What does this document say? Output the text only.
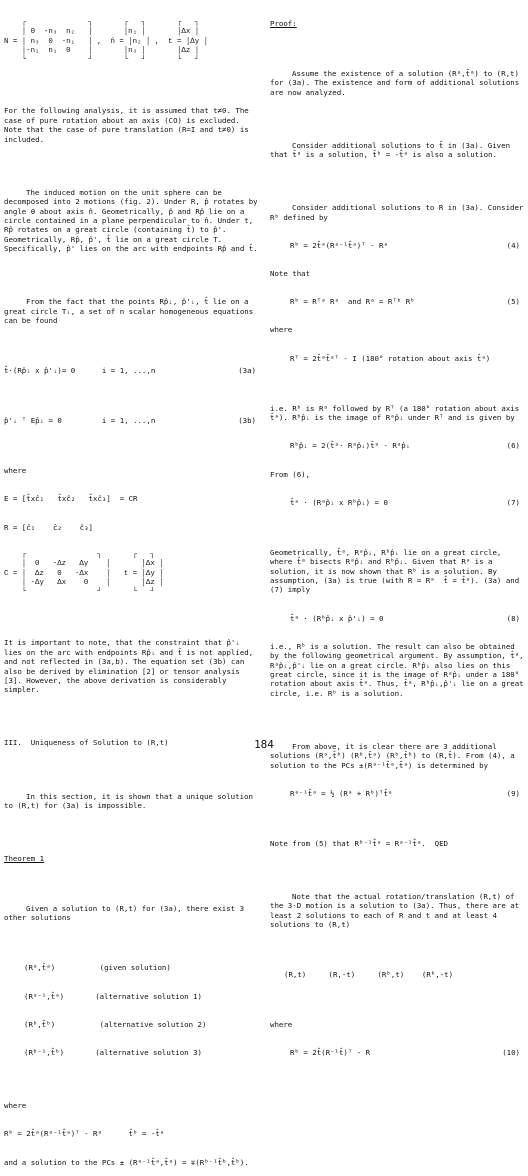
┌              ┐       ┌   ┐       ┌   ┐
│ 0  -n₃  n₂   │       │n₁ │       │Δx │
N = │ n₃  0  -n₁   │ ,  n̂ = │n₂ │ ,  t = │Δy │
│-n₂  n₁  0    │       │n₃ │       │Δz │
└              ┘       └   ┘       └   ┘

For the following analysis, it is assumed that t≠0. The case of pure rotation about an axis (CO) is excluded. Note that the case of pure translation (R=I and t≠0) is included.

The induced motion on the unit sphere can be decomposed into 2 motions (fig. 2). Under R, p̂ rotates by angle θ about axis n̂. Geometrically, p̂ and Rp̂ lie on a circle contained in a plane perpendicular to n̂. Under t, Rp̂ rotates on a great circle (containing t̂) to p̂'. Geometrically, Rp̂, p̂', t̂ lie on a great circle T. Specifically, p̂' lies on the arc with endpoints Rp̂ and t̂.

From the fact that the points Rp̂ᵢ, p̂'ᵢ, t̂ lie on a great circle Tᵢ, a set of n scalar homogeneous equations can be found

t̂·(Rp̂ᵢ x p̂'ᵢ)= 0      i = 1, ...,n	(3a)

p̂'ᵢ ᵀ Ep̂ᵢ = 0         i = 1, ...,n	(3b)

where

E = [t̂xĉ₁   t̂xĉ₂   t̂xĉ₃]  = CR

R = [ĉ₁    ĉ₂    ĉ₃]

┌                ┐       ┌   ┐
│  0   -Δz   Δy    │       │Δx │
C = │  Δz   0   -Δx    │   t = │Δy │
│ -Δy   Δx    0    │       │Δz │
└                ┘       └   ┘

It is important to note, that the constraint that p̂'ᵢ lies on the arc with endpoints Rp̂ᵢ and t̂ is not applied, and not reflected in (3a,b). The equation set (3b) can also be derived by elimination [2] or tensor analysis [3]. However, the above derivation is considerably simpler.

III.  Uniqueness of Solution to (R,t)

In this section, it is shown that a unique solution to (R,t) for (3a) is impossible.

Theorem 1

Given a solution to (R,t) for (3a), there exist 3 other solutions

(Rᵃ,t̂ᵃ)          (given solution)

(Rᵃ⁻¹,t̂ᵃ)       (alternative solution 1)

(Rᵇ,t̂ᵇ)          (alternative solution 2)

(Rᵇ⁻¹,t̂ᵇ)       (alternative solution 3)

where

Rᵇ = 2t̂ᵃ(Rᵃ⁻¹t̂ᵃ)ᵀ - Rᵃ      t̂ᵇ = -t̂ᵃ

and a solution to the PCs ± (Rᵃ⁻¹t̂ᵃ,t̂ᵃ) = ∓(Rᵇ⁻¹t̂ᵇ,t̂ᵇ).

Proof:

Assume the existence of a solution (Rᵃ,t̂ᵃ) to (R,t) for (3a). The existence and form of additional solutions are now analyzed.

Consider additional solutions to t̂ in (3a). Given that t̂ᵃ is a solution, t̂ᵇ = -t̂ᵃ is also a solution.

Consider additional solutions to R in (3a). Consider Rᵇ defined by

Rᵇ = 2t̂ᵃ(Rᵃ⁻¹t̂ᵃ)ᵀ - Rᵃ	(4)

Note that

Rᵇ = Rᵀᵃ Rᵃ  and Rᵃ = Rᵀᵇ Rᵇ	(5)

where

Rᵀ = 2t̂ᵃt̂ᵃᵀ - I (180° rotation about axis t̂ᵃ)

i.e. Rᵇ is Rᵃ followed by Rᵀ (a 180° rotation about axis t̂ᵃ). Rᵇp̂ᵢ is the image of Rᵃp̂ᵢ under Rᵀ and is given by

Rᵇp̂ᵢ = 2(t̂ᵃ· Rᵃp̂ᵢ)t̂ᵃ - Rᵃp̂ᵢ	(6)

From (6),

t̂ᵃ · (Rᵃp̂ᵢ x Rᵇp̂ᵢ) = 0	(7)

Geometrically, t̂ᵃ, Rᵃp̂ᵢ, Rᵇp̂ᵢ lie on a great circle, where t̂ᵃ bisects Rᵃp̂ᵢ and Rᵇp̂ᵢ. Given that Rᵃ is a solution, it is now shown that Rᵇ is a solution. By assumption, (3a) is true (with R = Rᵃ  t̂ = t̂ᵃ). (3a) and (7) imply

t̂ᵃ · (Rᵇp̂ᵢ x p̂'ᵢ) = 0	(8)

i.e., Rᵇ is a solution. The result can also be obtained by the following geometrical argument. By assumption, t̂ᵃ, Rᵃp̂ᵢ,p̂'ᵢ lie on a great circle. Rᵇp̂ᵢ also lies on this great circle, since it is the image of Rᵃp̂ᵢ under a 180° rotation about axis t̂ᵃ. Thus, t̂ᵃ, Rᵇp̂ᵢ,p̂'ᵢ lie on a great circle, i.e. Rᵇ is a solution.

From above, it is clear there are 3 additional solutions (Rᵃ,t̂ᵇ) (Rᵇ,t̂ᵃ) (Rᵇ,t̂ᵇ) to (R,t̂). From (4), a solution to the PCs ±(Rᵃ⁻¹t̂ᵃ,t̂ᵃ) is determined by

Rᵃ⁻¹t̂ᵃ = ½ (Rᵃ + Rᵇ)ᵀt̂ᵃ	(9)

Note from (5) that Rᵇ⁻¹t̂ᵃ = Rᵃ⁻¹t̂ᵃ.  QED

Note that the actual rotation/translation (R,t) of the 3-D motion is a solution to (3a). Thus, there are at least 2 solutions to each of R and t and at least 4 solutions to (R,t)

(R,t)     (R,-t)     (Rᵇ,t)    (Rᵇ,-t)

where

Rᵇ = 2t̂(R⁻¹t̂)ᵀ - R	(10)

184
